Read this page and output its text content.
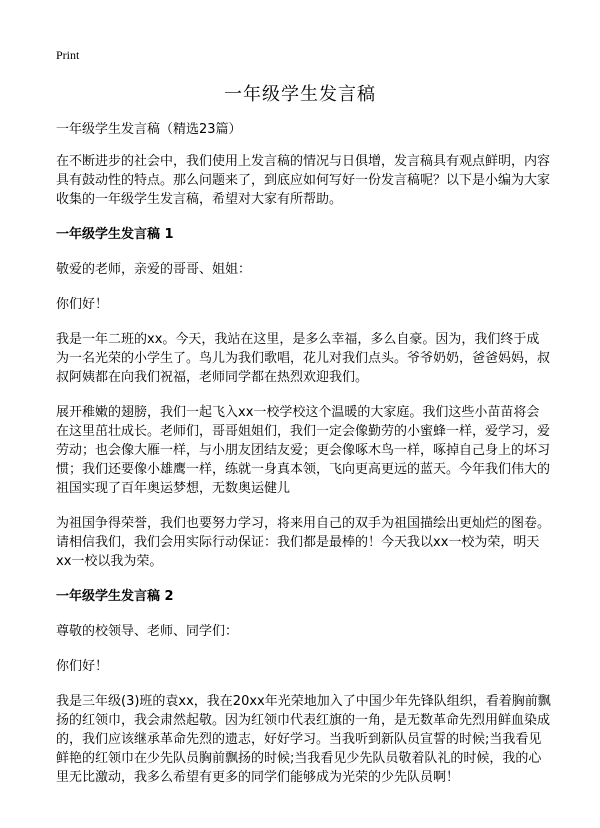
Print
一年级学生发言稿

一年级学生发言稿（精选23篇）

在不断进步的社会中，我们使用上发言稿的情况与日俱增，发言稿具有观点鲜明，内容具有鼓动性的特点。那么问题来了，到底应如何写好一份发言稿呢？以下是小编为大家收集的一年级学生发言稿，希望对大家有所帮助。

一年级学生发言稿 1

敬爱的老师，亲爱的哥哥、姐姐：

你们好！

我是一年二班的xx。今天，我站在这里，是多么幸福，多么自豪。因为，我们终于成为一名光荣的小学生了。鸟儿为我们歌唱，花儿对我们点头。爷爷奶奶，爸爸妈妈，叔叔阿姨都在向我们祝福，老师同学都在热烈欢迎我们。

展开稚嫩的翅膀，我们一起飞入xx一校学校这个温暖的大家庭。我们这些小苗苗将会在这里茁壮成长。老师们，哥哥姐姐们，我们一定会像勤劳的小蜜蜂一样，爱学习，爱劳动；也会像大雁一样，与小朋友团结友爱；更会像啄木鸟一样，啄掉自己身上的坏习惯；我们还要像小雄鹰一样，练就一身真本领，飞向更高更远的蓝天。今年我们伟大的祖国实现了百年奥运梦想，无数奥运健儿

为祖国争得荣誉，我们也要努力学习，将来用自己的双手为祖国描绘出更灿烂的图卷。请相信我们，我们会用实际行动保证：我们都是最棒的！今天我以xx一校为荣，明天xx一校以我为荣。

一年级学生发言稿 2

尊敬的校领导、老师、同学们：

你们好！

我是三年级(3)班的袁xx，我在20xx年光荣地加入了中国少年先锋队组织，看着胸前飘扬的红领巾，我会肃然起敬。因为红领巾代表红旗的一角，是无数革命先烈用鲜血染成的，我们应该继承革命先烈的遗志，好好学习。当我听到新队员宣誓的时候;当我看见鲜艳的红领巾在少先队员胸前飘扬的时候;当我看见少先队员敬着队礼的时候，我的心里无比激动，我多么希望有更多的同学们能够成为光荣的少先队员啊！
